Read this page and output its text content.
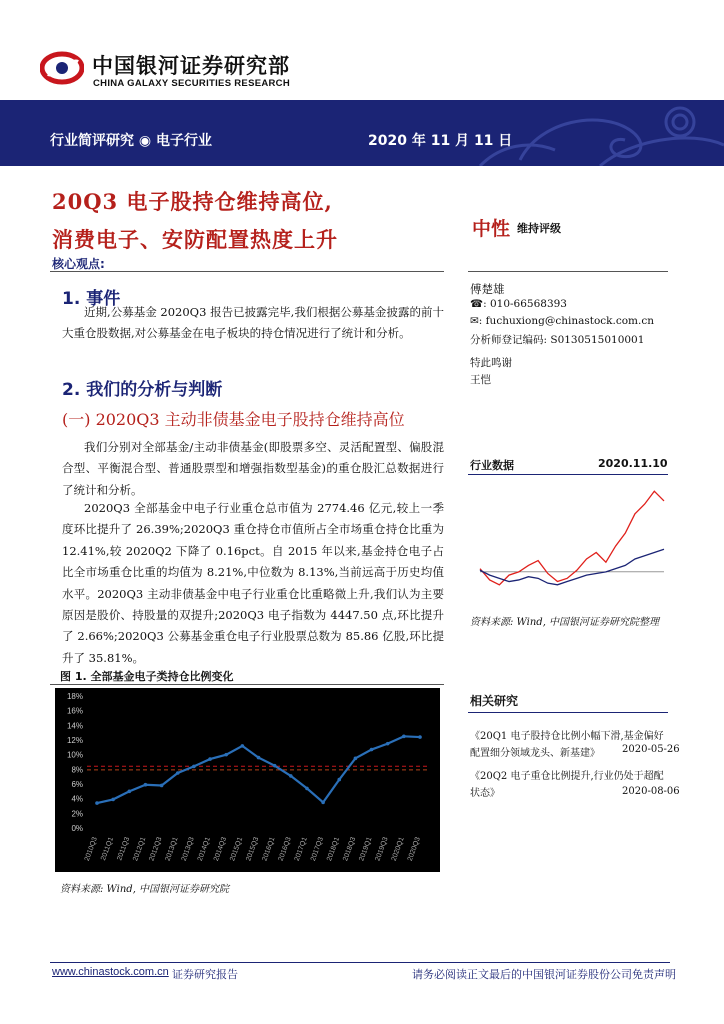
中国银河证券研究部
CHINA GALAXY SECURITIES RESEARCH
行业简评研究 ◉ 电子行业	2020 年 11 月 11 日
20Q3 电子股持仓维持高位,
消费电子、安防配置热度上升	中性 维持评级
核心观点:
1. 事件
近期,公募基金 2020Q3 报告已披露完毕,我们根据公募基金披露的前十大重仓股数据,对公募基金在电子板块的持仓情况进行了统计和分析。
2. 我们的分析与判断
(一) 2020Q3 主动非债基金电子股持仓维持高位
我们分别对全部基金/主动非债基金(即股票多空、灵活配置型、偏股混合型、平衡混合型、普通股票型和增强指数型基金)的重仓股汇总数据进行了统计和分析。
2020Q3 全部基金中电子行业重仓总市值为 2774.46 亿元,较上一季度环比提升了 26.39%;2020Q3 重仓持仓市值所占全市场重仓持仓比重为 12.41%,较 2020Q2 下降了 0.16pct。自 2015 年以来,基金持仓电子占比全市场重仓比重的均值为 8.21%,中位数为 8.13%,当前远高于历史均值水平。2020Q3 主动非债基金中电子行业重仓比重略微上升,我们认为主要原因是股价、持股量的双提升;2020Q3 电子指数为 4447.50 点,环比提升了 2.66%;2020Q3 公募基金重仓电子行业股票总数为 85.86 亿股,环比提升了 35.81%。
傅楚雄
☎: 010-66568393
✉: fuchuxiong@chinastock.com.cn
分析师登记编码: S0130515010001
特此鸣谢
王恺
行业数据	2020.11.10
资料来源: Wind, 中国银河证券研究院整理
相关研究
《20Q1 电子股持仓比例小幅下滑,基金偏好配置细分领域龙头、新基建》	2020-05-26
《20Q2 电子重仓比例提升,行业仍处于超配状态》	2020-08-06
图 1. 全部基金电子类持仓比例变化
0%
2%
4%
6%
8%
10%
12%
14%
16%
18%
2010Q3 2011Q1 2011Q3 2012Q1 2012Q3 2013Q1 2013Q3 2014Q1 2014Q3 2015Q1 2015Q3 2016Q1 2016Q3 2017Q1 2017Q3 2018Q1 2018Q3 2019Q1 2019Q3 2020Q1 2020Q3
资料来源: Wind, 中国银河证券研究院
www.chinastock.com.cn 证券研究报告	请务必阅读正文最后的中国银河证券股份公司免责声明
